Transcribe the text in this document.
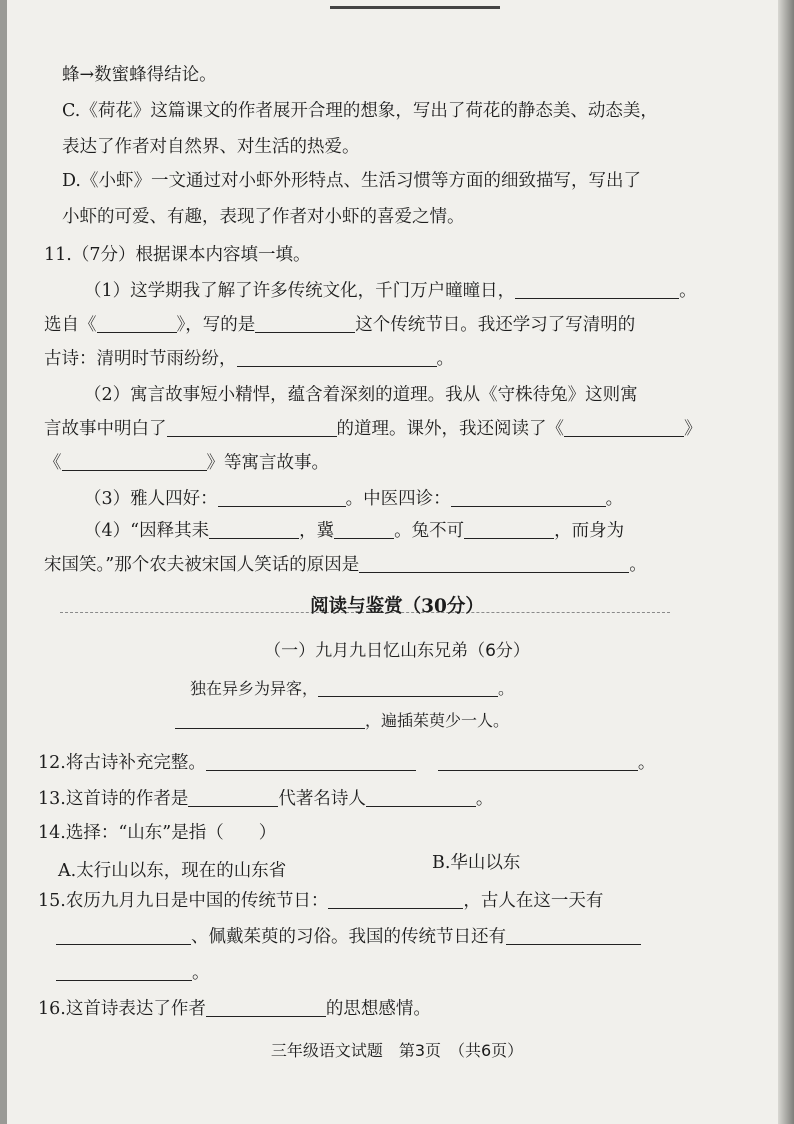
蜂→数蜜蜂得结论。
C.《荷花》这篇课文的作者展开合理的想象，写出了荷花的静态美、动态美，
表达了作者对自然界、对生活的热爱。
D.《小虾》一文通过对小虾外形特点、生活习惯等方面的细致描写，写出了
小虾的可爱、有趣，表现了作者对小虾的喜爱之情。
11.（7分）根据课本内容填一填。
（1）这学期我了解了许多传统文化，千门万户曈曈日，	。
选自《	》，写的是	这个传统节日。我还学习了写清明的
古诗：清明时节雨纷纷，	。
（2）寓言故事短小精悍，蕴含着深刻的道理。我从《守株待兔》这则寓
言故事中明白了	的道理。课外，我还阅读了《	》
《	》等寓言故事。
（3）雅人四好：	。中医四诊：	。
（4）“因释其耒	，冀	。兔不可	，而身为
宋国笑。”那个农夫被宋国人笑话的原因是	。
阅读与鉴赏（30分）
（一）九月九日忆山东兄弟（6分）
独在异乡为异客，	。
，遍插茱萸少一人。
12.将古诗补充完整。	。
13.这首诗的作者是	代著名诗人	。
14.选择：“山东”是指（　　）
A.太行山以东，现在的山东省	B.华山以东
15.农历九月九日是中国的传统节日：	，古人在这一天有
、佩戴茱萸的习俗。我国的传统节日还有
。
16.这首诗表达了作者	的思想感情。
三年级语文试题　第3页　（共6页）
